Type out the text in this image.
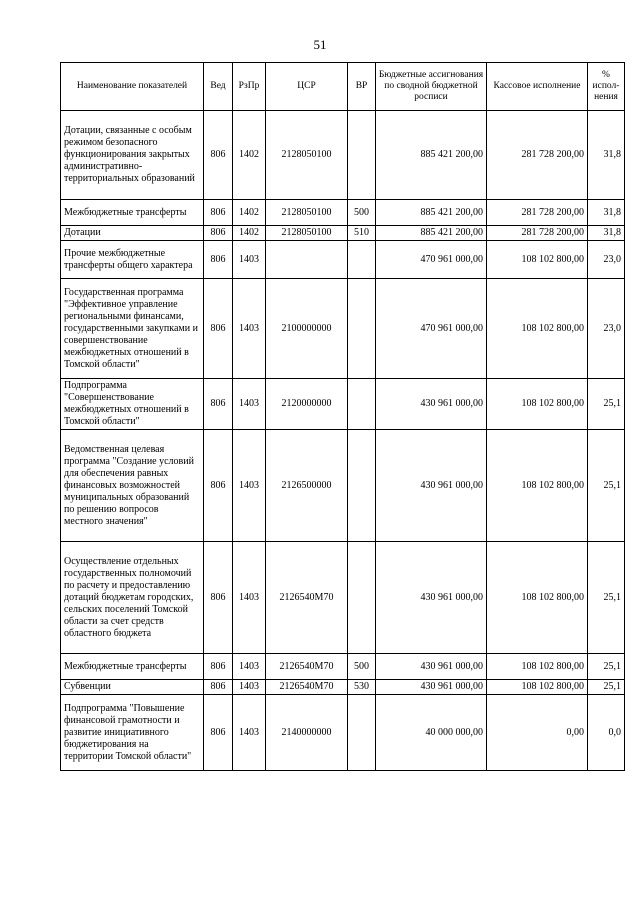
51
Наименование показателей	Вед	РзПр	ЦСР	ВР	Бюджетные ассигнования по сводной бюджетной росписи	Кассовое исполнение	% испол-нения
Дотации, связанные с особым режимом безопасного функционирования закрытых административно-территориальных образований	806	1402	2128050100		885 421 200,00	281 728 200,00	31,8
Межбюджетные трансферты	806	1402	2128050100	500	885 421 200,00	281 728 200,00	31,8
Дотации	806	1402	2128050100	510	885 421 200,00	281 728 200,00	31,8
Прочие межбюджетные трансферты общего характера	806	1403			470 961 000,00	108 102 800,00	23,0
Государственная программа "Эффективное управление региональными финансами, государственными закупками и совершенствование межбюджетных отношений в Томской области"	806	1403	2100000000		470 961 000,00	108 102 800,00	23,0
Подпрограмма "Совершенствование межбюджетных отношений в Томской области"	806	1403	2120000000		430 961 000,00	108 102 800,00	25,1
Ведомственная целевая программа "Создание условий для обеспечения равных финансовых возможностей муниципальных образований по решению вопросов местного значения"	806	1403	2126500000		430 961 000,00	108 102 800,00	25,1
Осуществление отдельных государственных полномочий по расчету и предоставлению дотаций бюджетам городских, сельских поселений Томской области за счет средств областного бюджета	806	1403	2126540М70		430 961 000,00	108 102 800,00	25,1
Межбюджетные трансферты	806	1403	2126540М70	500	430 961 000,00	108 102 800,00	25,1
Субвенции	806	1403	2126540М70	530	430 961 000,00	108 102 800,00	25,1
Подпрограмма "Повышение финансовой грамотности и развитие инициативного бюджетирования на территории Томской области"	806	1403	2140000000		40 000 000,00	0,00	0,0
